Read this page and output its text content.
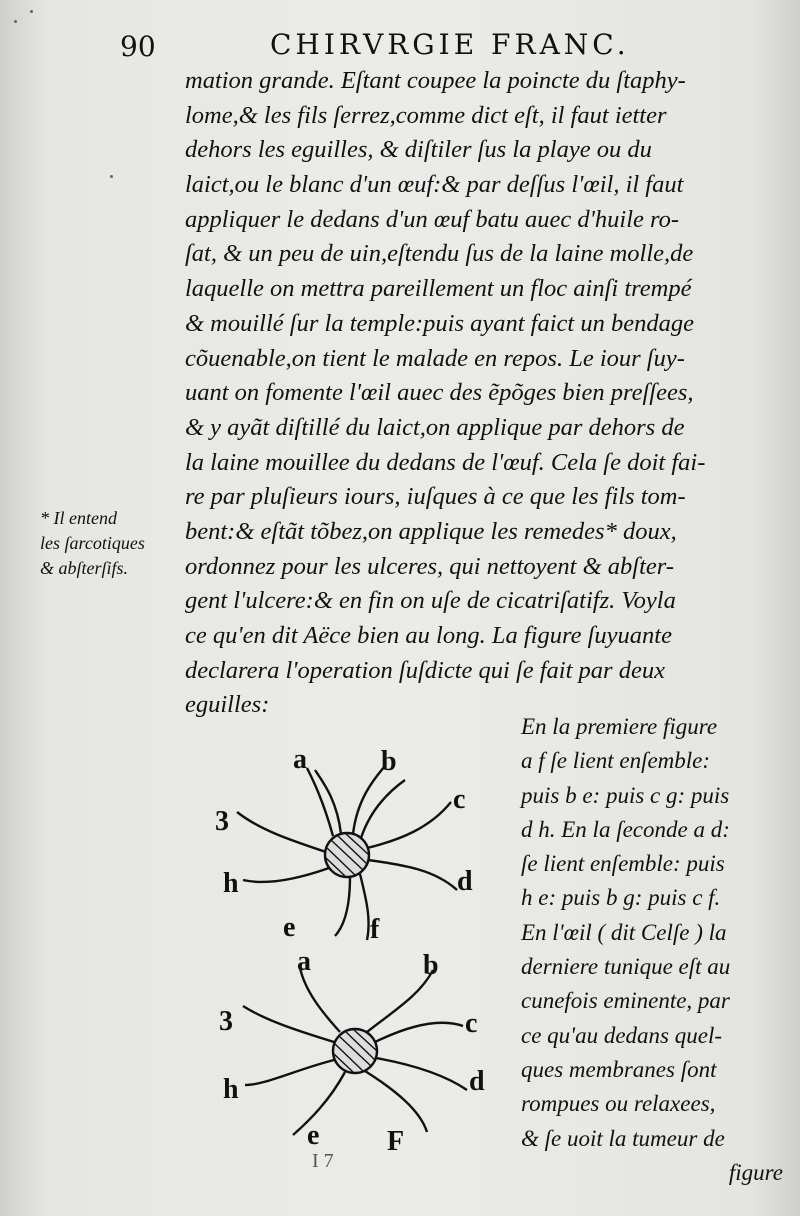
90	CHIRVRGIE FRANC.
mation grande. Eſtant coupee la poincte du ſtaphy-
lome,& les fils ſerrez,comme dict eſt, il faut ietter
dehors les eguilles, & diſtiler ſus la playe ou du
laict,ou le blanc d'un œuf:& par deſſus l'œil, il faut
appliquer le dedans d'un œuf batu auec d'huile ro-
ſat, & un peu de uin,eſtendu ſus de la laine molle,de
laquelle on mettra pareillement un floc ainſi trempé
& mouillé ſur la temple:puis ayant faict un bendage
cõuenable,on tient le malade en repos. Le iour ſuy-
uant on fomente l'œil auec des ẽpõges bien preſſees,
& y ayãt diſtillé du laict,on applique par dehors de
la laine mouillee du dedans de l'œuf. Cela ſe doit faі-
re par pluſieurs iours, iuſques à ce que les fils tom-
bent:& eſtãt tõbez,on applique les remedes* doux,
ordonnez pour les ulceres, qui nettoyent & abſter-
gent l'ulcere:& en fin on uſe de cicatriſatifz. Voyla
ce qu'en dit Aëce bien au long. La figure ſuyuante
declarera l'operation ſuſdicte qui ſe fait par deux
eguilles:
* Il entend
les ſarcotiques
& abſterſifs.
a	b
c
d
e	f
3
h
a	b
c
d
e F
3
h
En la premiere figure
a f ſe lient enſemble:
puis b e: puis c g: puis
d h. En la ſeconde a d:
ſe lient enſemble: puis
h e: puis b g: puis c f.
En l'œil ( dit Celſe ) la
derniere tunique eſt au
cunefois eminente, par
ce qu'au dedans quel-
ques membranes ſont
rompues ou relaxees,
& ſe uoit la tumeur de
figure
I 7
